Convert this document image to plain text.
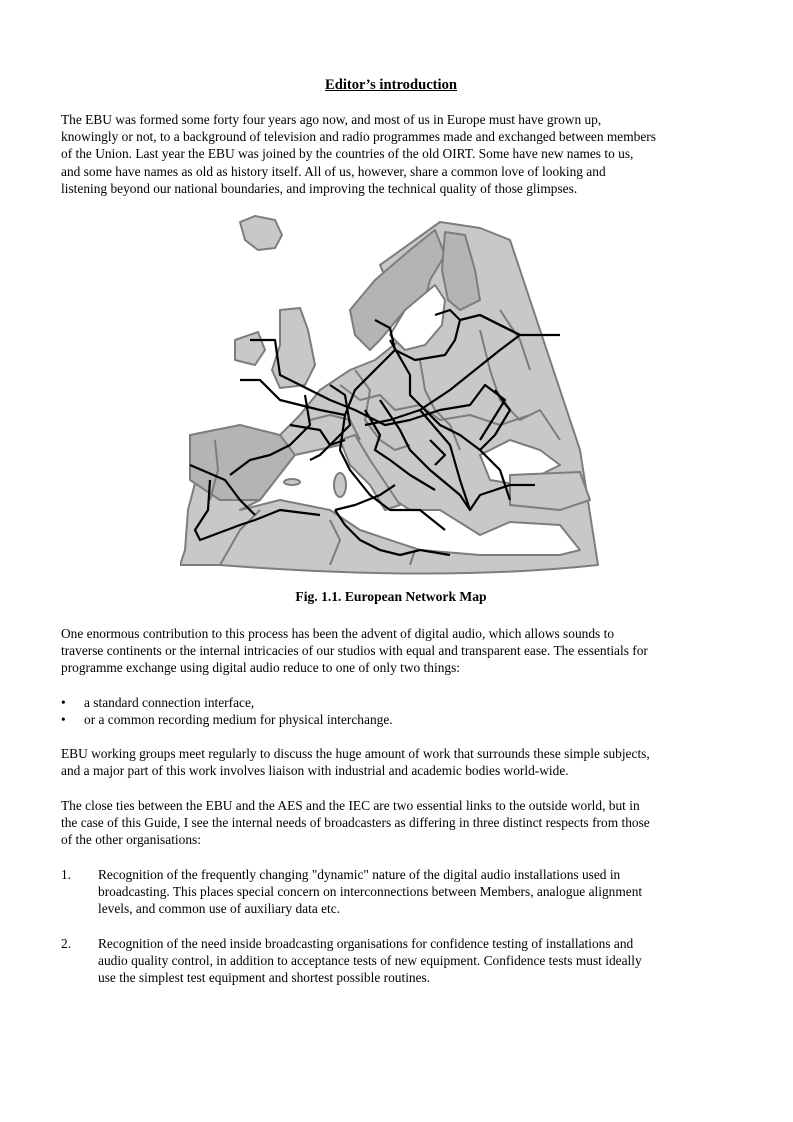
Editor’s introduction

The EBU was formed some forty four years ago now, and most of us in Europe must have grown up,

knowingly or not, to a background of television and radio programmes made and exchanged between members

of the Union. Last year the EBU was joined by the countries of the old OIRT. Some have new names to us,

and some have names as old as history itself. All of us, however, share a common love of looking and

listening beyond our national boundaries, and improving the technical quality of those glimpses.

Fig. 1.1. European Network Map

One enormous contribution to this process has been the advent of digital audio, which allows sounds to

traverse continents or the internal intricacies of our studios with equal and transparent ease. The essentials for

programme exchange using digital audio reduce to one of only two things:

• a standard connection interface,
• or a common recording medium for physical interchange.

EBU working groups meet regularly to discuss the huge amount of work that surrounds these simple subjects,

and a major part of this work involves liaison with industrial and academic bodies world-wide.

The close ties between the EBU and the AES and the IEC are two essential links to the outside world, but in

the case of this Guide, I see the internal needs of broadcasters as differing in three distinct respects from those

of the other organisations:

1. Recognition of the frequently changing "dynamic" nature of the digital audio installations used in

broadcasting. This places special concern on interconnections between Members, analogue alignment

levels, and common use of auxiliary data etc.

2. Recognition of the need inside broadcasting organisations for confidence testing of installations and

audio quality control, in addition to acceptance tests of new equipment. Confidence tests must ideally

use the simplest test equipment and shortest possible routines.
